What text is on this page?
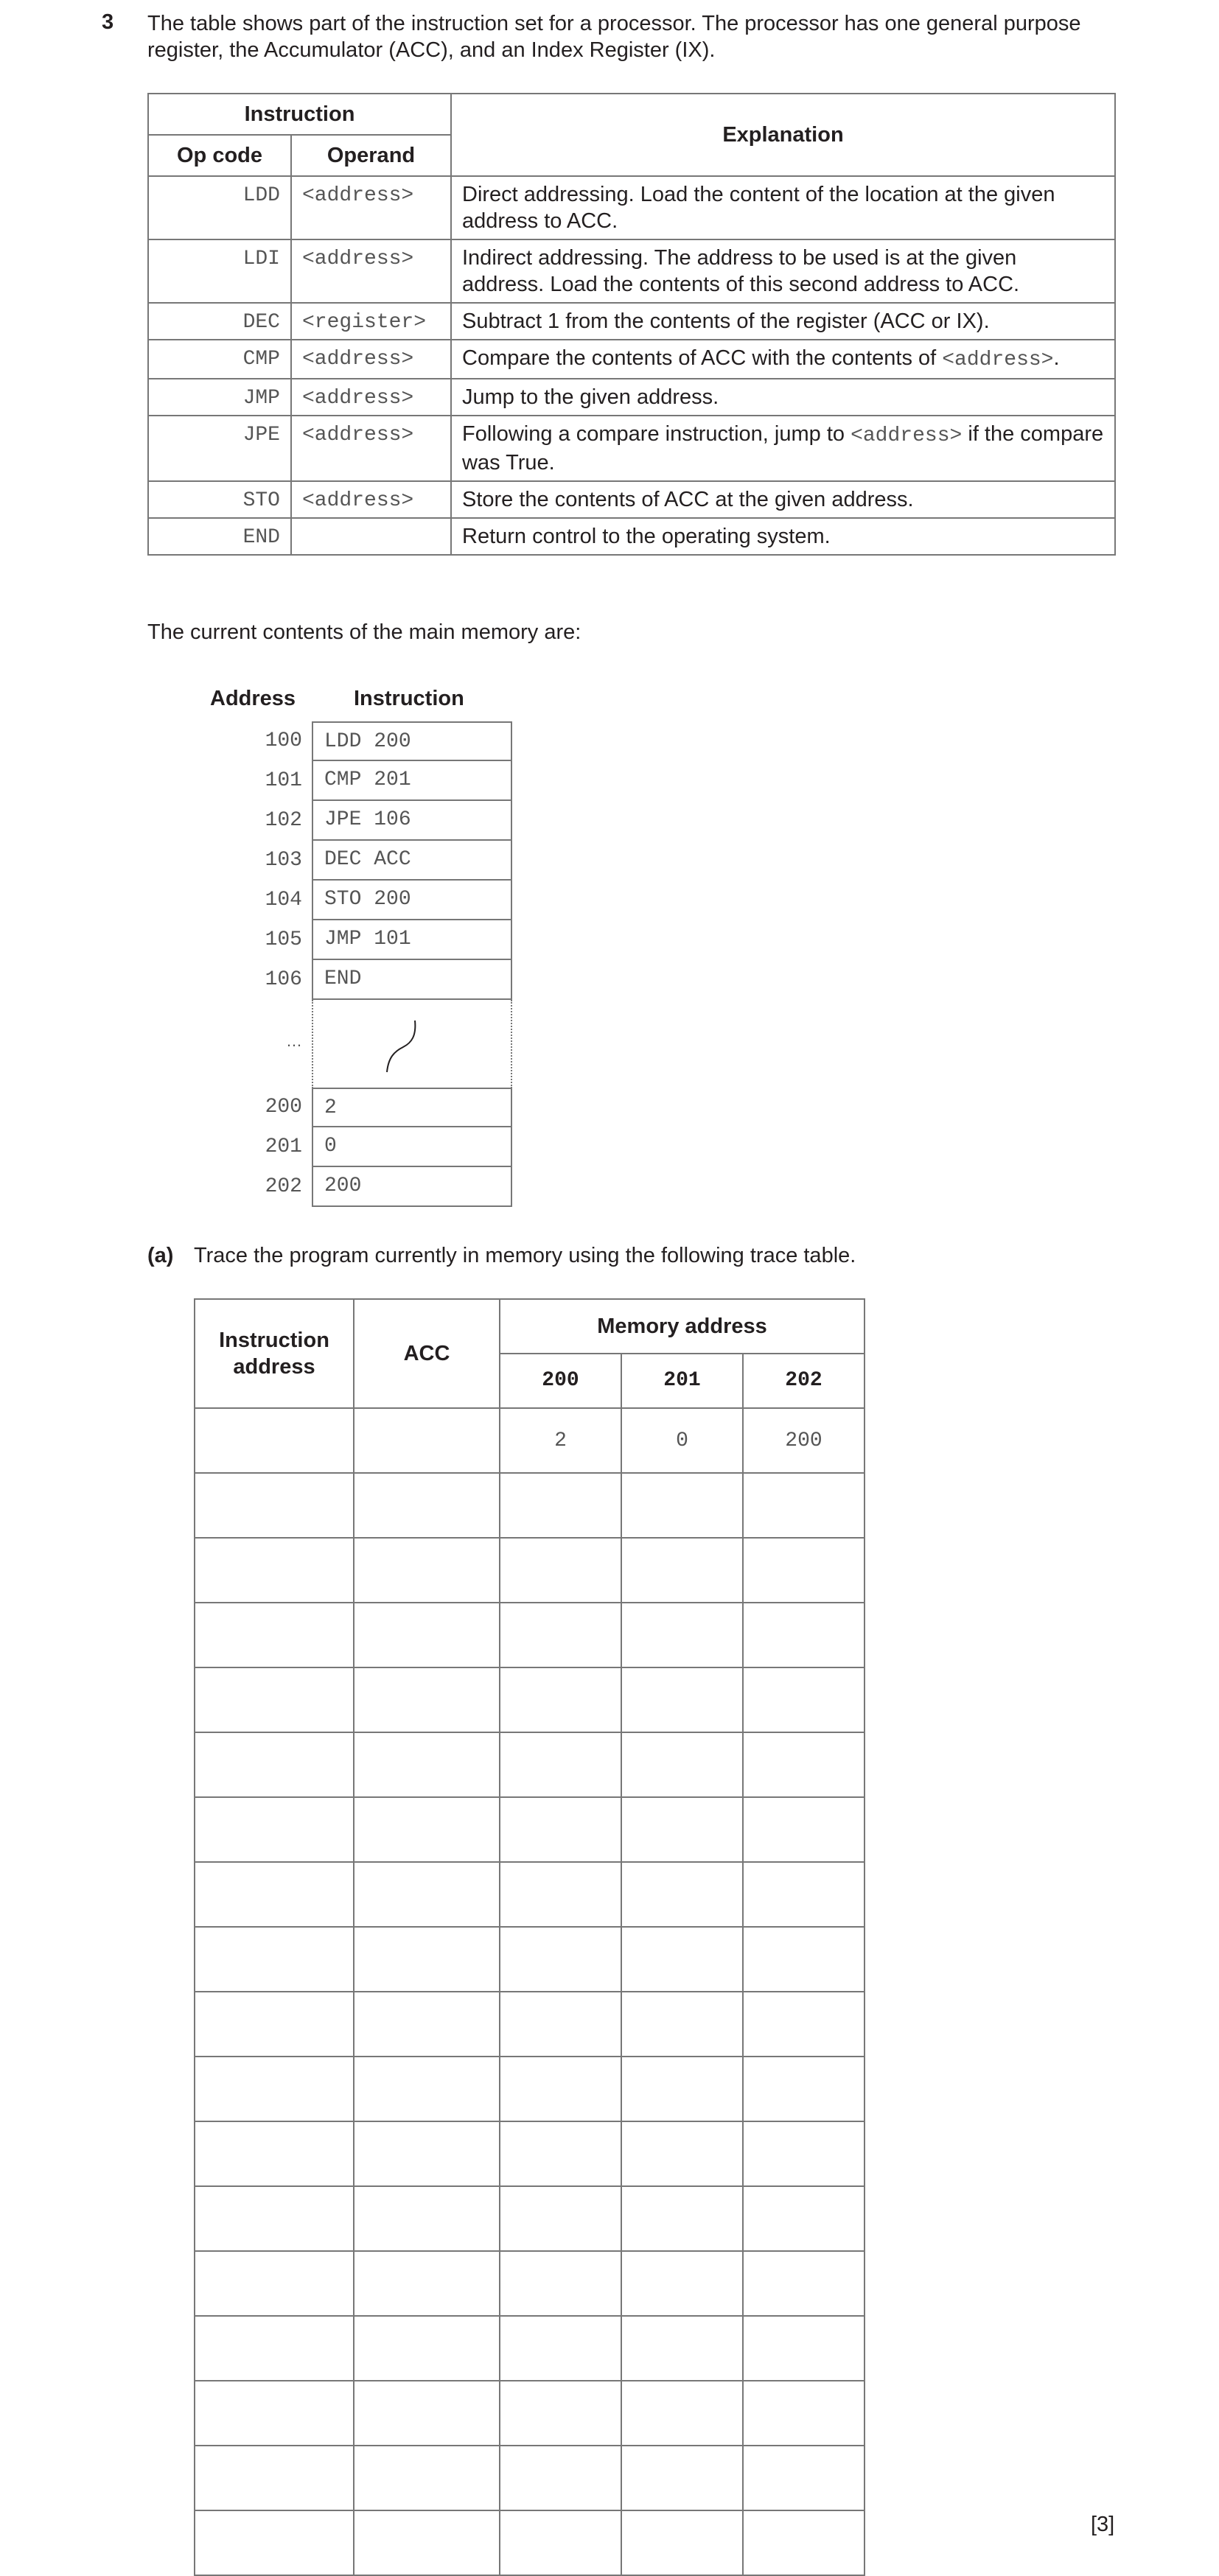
3 The table shows part of the instruction set for a processor. The processor has one general purpose register, the Accumulator (ACC), and an Index Register (IX).
Instruction		Explanation
Op code	Operand	
LDD	<address>	Direct addressing. Load the content of the location at the given address to ACC.
LDI	<address>	Indirect addressing. The address to be used is at the given address. Load the contents of this second address to ACC.
DEC	<register>	Subtract 1 from the contents of the register (ACC or IX).
CMP	<address>	Compare the contents of ACC with the contents of <address>.
JMP	<address>	Jump to the given address.
JPE	<address>	Following a compare instruction, jump to <address> if the compare was True.
STO	<address>	Store the contents of ACC at the given address.
END		Return control to the operating system.
The current contents of the main memory are:
Address	Instruction
100	LDD 200
101	CMP 201
102	JPE 106
103	DEC ACC
104	STO 200
105	JMP 101
106	END
…
200	2
201	0
202	200
(a) Trace the program currently in memory using the following trace table.
Instruction address	ACC	Memory address		
		200	201	202
		2	0	200

[3]
